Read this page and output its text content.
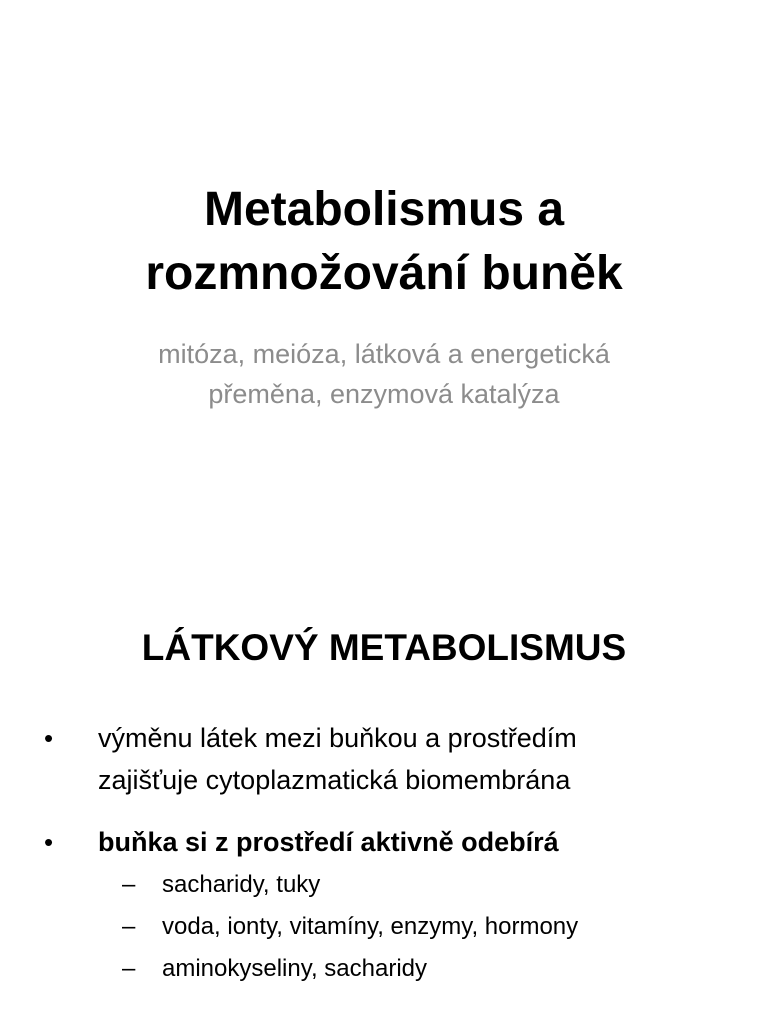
Metabolismus a
rozmnožování buněk

mitóza, meióza, látková a energetická
přeměna, enzymová katalýza

LÁTKOVÝ METABOLISMUS
• výměnu látek mezi buňkou a prostředím
zajišťuje cytoplazmatická biomembrána
• buňka si z prostředí aktivně odebírá
– sacharidy, tuky
– voda, ionty, vitamíny, enzymy, hormony
– aminokyseliny, sacharidy
